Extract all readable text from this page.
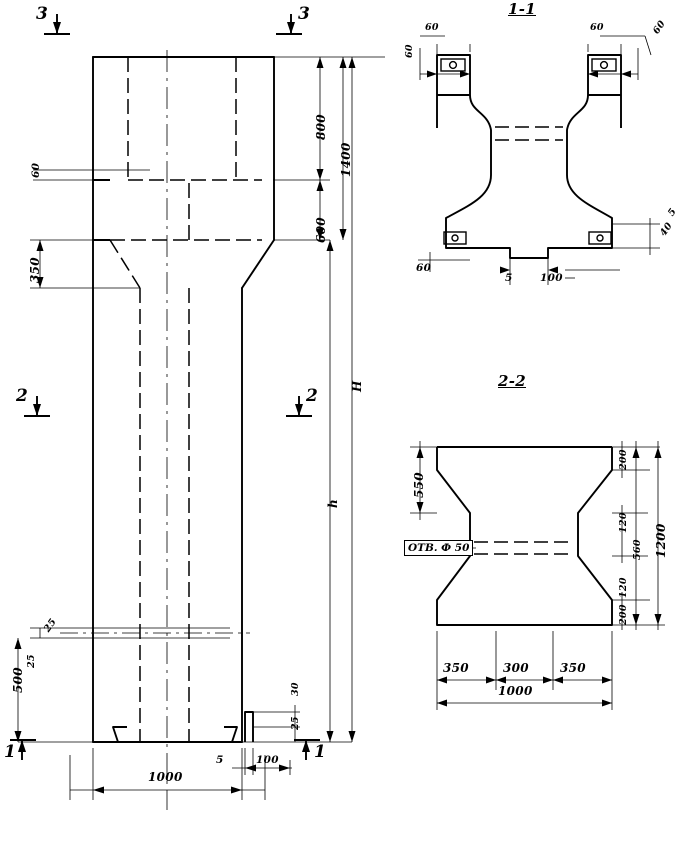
3	3
2	2
1	1
1-1
2-2
60
350
800
600
1400
H
h
25
25
500	30
25
5	100
1000
60
60
60	60
60
5	100
5
40
550
200
120
560
120
200
1200
350	300	350
1000
ОТВ. Ф 50
